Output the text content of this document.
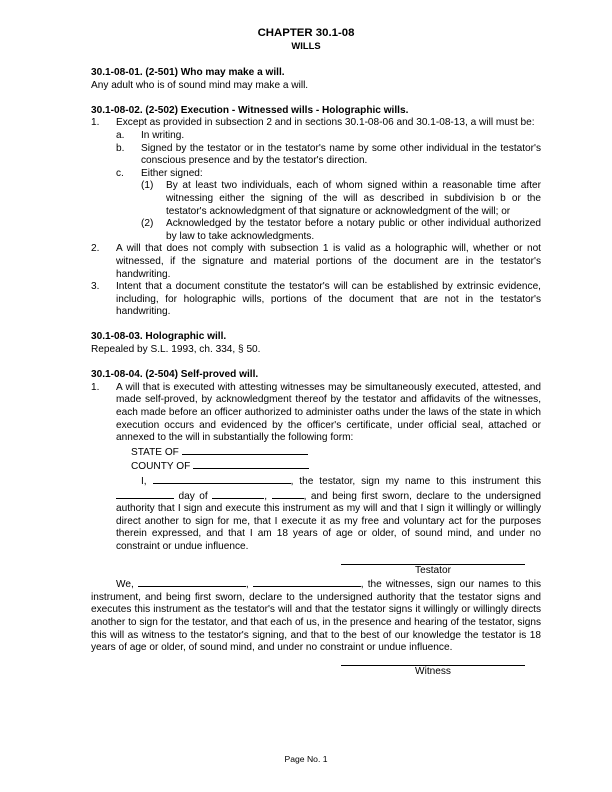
CHAPTER 30.1-08
WILLS
30.1-08-01. (2-501) Who may make a will.
Any adult who is of sound mind may make a will.
30.1-08-02. (2-502) Execution - Witnessed wills - Holographic wills.
1.	Except as provided in subsection 2 and in sections 30.1-08-06 and 30.1-08-13, a will must be:
a.	In writing.
b.	Signed by the testator or in the testator's name by some other individual in the testator's conscious presence and by the testator's direction.
c.	Either signed:
(1)	By at least two individuals, each of whom signed within a reasonable time after witnessing either the signing of the will as described in subdivision b or the testator's acknowledgment of that signature or acknowledgment of the will; or
(2)	Acknowledged by the testator before a notary public or other individual authorized by law to take acknowledgments.
2.	A will that does not comply with subsection 1 is valid as a holographic will, whether or not witnessed, if the signature and material portions of the document are in the testator's handwriting.
3.	Intent that a document constitute the testator's will can be established by extrinsic evidence, including, for holographic wills, portions of the document that are not in the testator's handwriting.
30.1-08-03. Holographic will.
Repealed by S.L. 1993, ch. 334, § 50.
30.1-08-04. (2-504) Self-proved will.
1.	A will that is executed with attesting witnesses may be simultaneously executed, attested, and made self-proved, by acknowledgment thereof by the testator and affidavits of the witnesses, each made before an officer authorized to administer oaths under the laws of the state in which execution occurs and evidenced by the officer's certificate, under official seal, attached or annexed to the will in substantially the following form:
STATE OF
COUNTY OF
I,	, the testator, sign my name to this instrument this  day of	,	, and being first sworn, declare to the undersigned authority that I sign and execute this instrument as my will and that I sign it willingly or willingly direct another to sign for me, that I execute it as my free and voluntary act for the purposes therein expressed, and that I am 18 years of age or older, of sound mind, and under no constraint or undue influence.
Testator
We,	,	, the witnesses, sign our names to this instrument, and being first sworn, declare to the undersigned authority that the testator signs and executes this instrument as the testator's will and that the testator signs it willingly or willingly directs another to sign for the testator, and that each of us, in the presence and hearing of the testator, signs this will as witness to the testator's signing, and that to the best of our knowledge the testator is 18 years of age or older, of sound mind, and under no constraint or undue influence.
Witness
Page No. 1
